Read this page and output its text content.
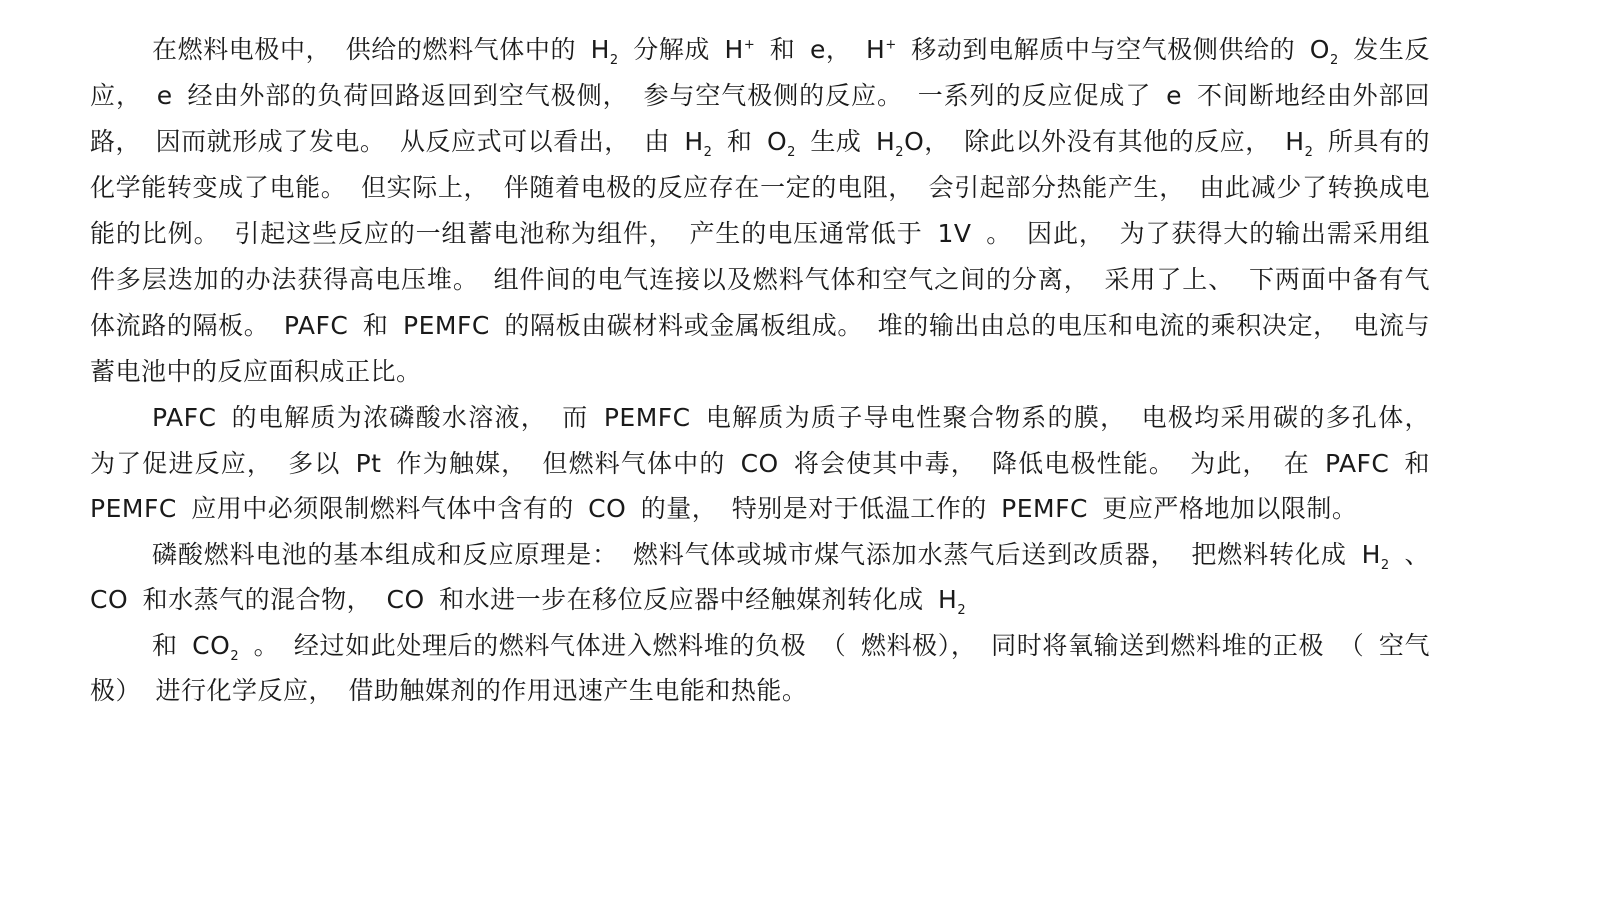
在燃料电极中， 供给的燃料气体中的 $H_2$ 分解成 H+ 和 e， H+ 移动到电解质中与空气极侧供给的 $O_2$ 发生反应， e 经由外部的负荷回路返回到空气极侧， 参与空气极侧的反应。 一系列的反应促成了 e 不间断地经由外部回路， 因而就形成了发电。 从反应式可以看出， 由 $H_2$ 和 $O_2$ 生成 $H_2O$， 除此以外没有其他的反应， $H_2$ 所具有的化学能转变成了电能。 但实际上， 伴随着电极的反应存在一定的电阻， 会引起部分热能产生， 由此减少了转换成电能的比例。 引起这些反应的一组蓄电池称为组件， 产生的电压通常低于 1V 。 因此， 为了获得大的输出需采用组件多层迭加的办法获得高电压堆。 组件间的电气连接以及燃料气体和空气之间的分离， 采用了上、 下两面中备有气体流路的隔板。 PAFC 和 PEMFC 的隔板由碳材料或金属板组成。 堆的输出由总的电压和电流的乘积决定， 电流与蓄电池中的反应面积成正比。

PAFC 的电解质为浓磷酸水溶液， 而 PEMFC 电解质为质子导电性聚合物系的膜， 电极均采用碳的多孔体， 为了促进反应， 多以 Pt 作为触媒， 但燃料气体中的 CO 将会使其中毒， 降低电极性能。 为此， 在 PAFC 和 PEMFC 应用中必须限制燃料气体中含有的 CO 的量， 特别是对于低温工作的 PEMFC 更应严格地加以限制。

磷酸燃料电池的基本组成和反应原理是： 燃料气体或城市煤气添加水蒸气后送到改质器， 把燃料转化成 $H_2$ 、 CO 和水蒸气的混合物， CO 和水进一步在移位反应器中经触媒剂转化成 $H_2$

和 $CO_2$ 。 经过如此处理后的燃料气体进入燃料堆的负极 （ 燃料极）， 同时将氧输送到燃料堆的正极 （ 空气极） 进行化学反应， 借助触媒剂的作用迅速产生电能和热能。
